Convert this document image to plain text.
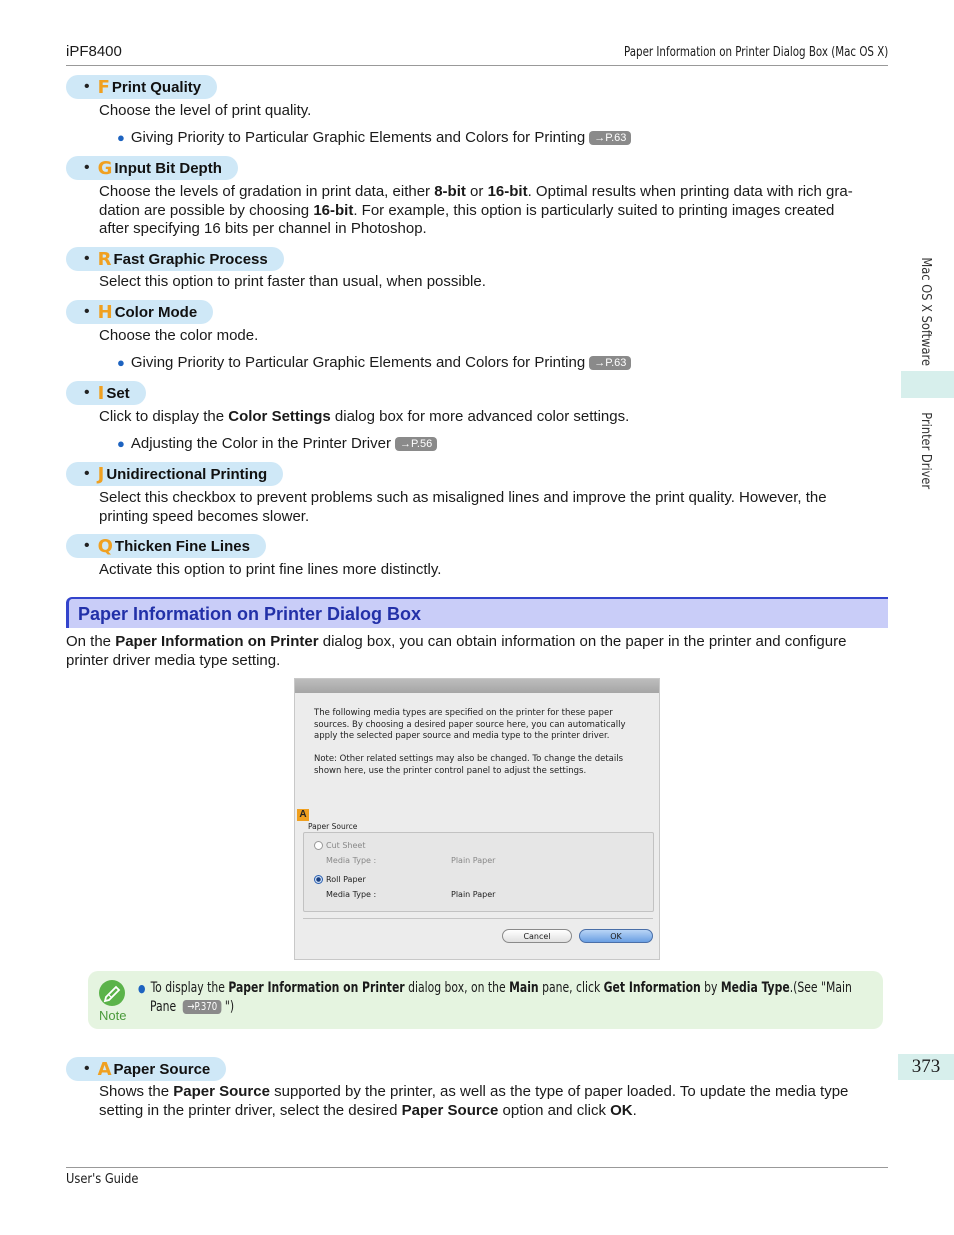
iPF8400	Paper Information on Printer Dialog Box (Mac OS X)
Mac OS X Software
Printer Driver
• F Print Quality
Choose the level of print quality.
● Giving Priority to Particular Graphic Elements and Colors for Printing →P.63
• G Input Bit Depth
Choose the levels of gradation in print data, either 8-bit or 16-bit. Optimal results when printing data with rich gra-
dation are possible by choosing 16-bit. For example, this option is particularly suited to printing images created
after specifying 16 bits per channel in Photoshop.
• R Fast Graphic Process
Select this option to print faster than usual, when possible.
• H Color Mode
Choose the color mode.
● Giving Priority to Particular Graphic Elements and Colors for Printing →P.63
• I Set
Click to display the Color Settings dialog box for more advanced color settings.
● Adjusting the Color in the Printer Driver →P.56
• J Unidirectional Printing
Select this checkbox to prevent problems such as misaligned lines and improve the print quality. However, the
printing speed becomes slower.
• Q Thicken Fine Lines
Activate this option to print fine lines more distinctly.
Paper Information on Printer Dialog Box
On the Paper Information on Printer dialog box, you can obtain information on the paper in the printer and configure
printer driver media type setting.
The following media types are specified on the printer for these paper
sources. By choosing a desired paper source here, you can automatically
apply the selected paper source and media type to the printer driver.
Note: Other related settings may also be changed. To change the details
shown here, use the printer control panel to adjust the settings.
Paper Source
Cut Sheet
Media Type :	Plain Paper
Roll Paper
Media Type :	Plain Paper
Cancel	OK
A
Note
● To display the Paper Information on Printer dialog box, on the Main pane, click Get Information by Media Type.(See "Main
Pane →P.370 ")
• A Paper Source
Shows the Paper Source supported by the printer, as well as the type of paper loaded. To update the media type
setting in the printer driver, select the desired Paper Source option and click OK.
373
User's Guide
